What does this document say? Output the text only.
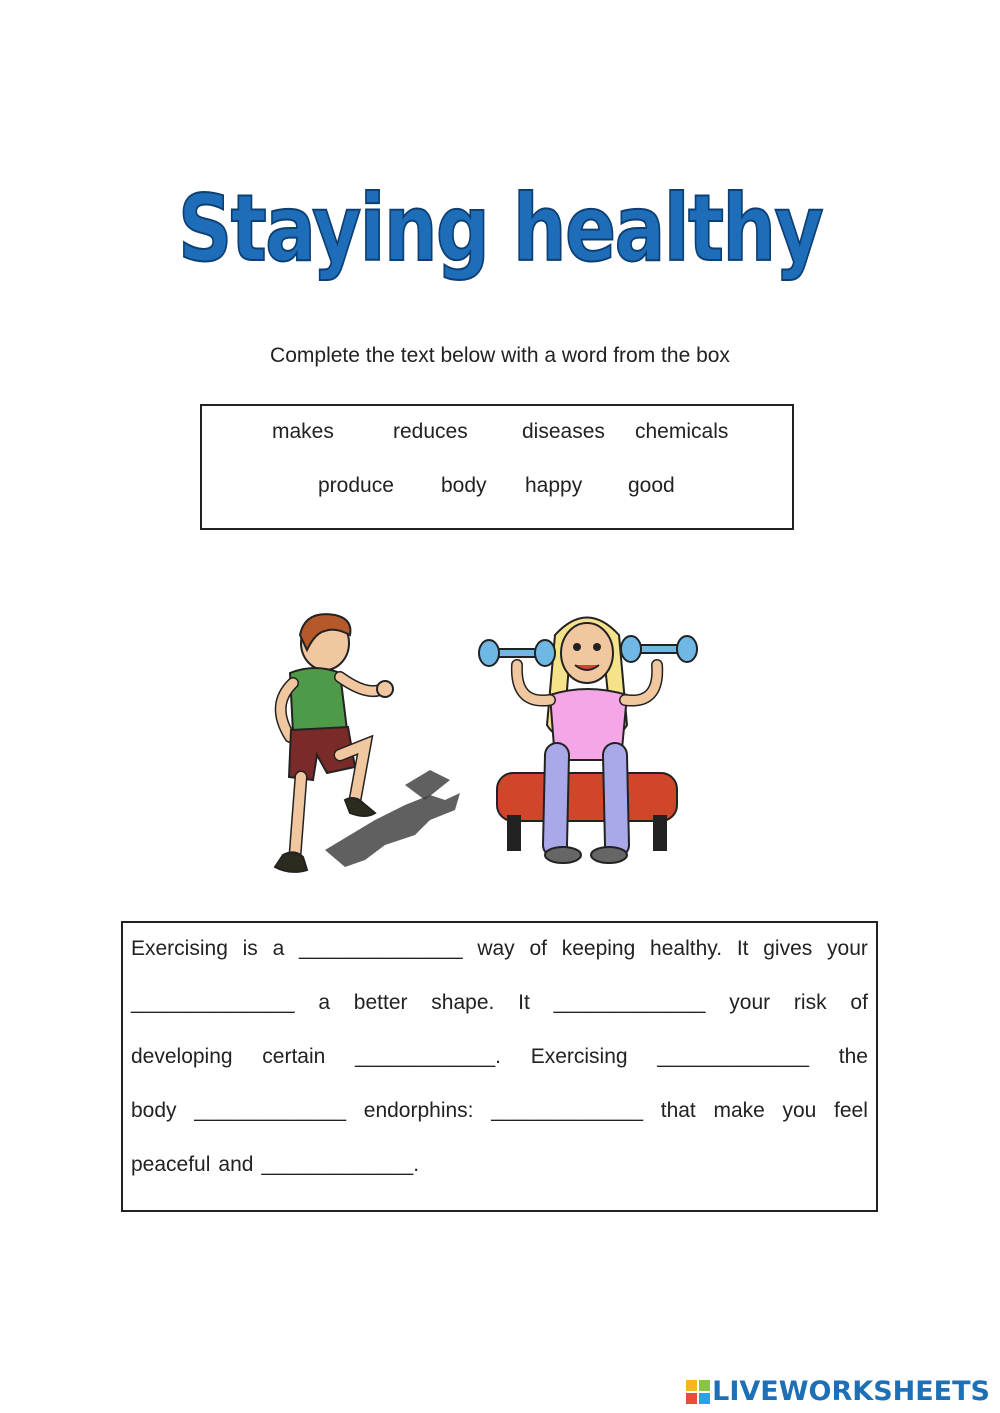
Staying healthy
Complete the text below with a word from the box
makes	reduces	diseases chemicals
produce body happy good
Exercising is a ______________ way of keeping healthy. It gives your
______________ a better shape. It _____________ your risk of
developing certain ____________. Exercising _____________ the
body _____________ endorphins: _____________ that make you feel
peaceful and _____________.
LIVEWORKSHEETS
